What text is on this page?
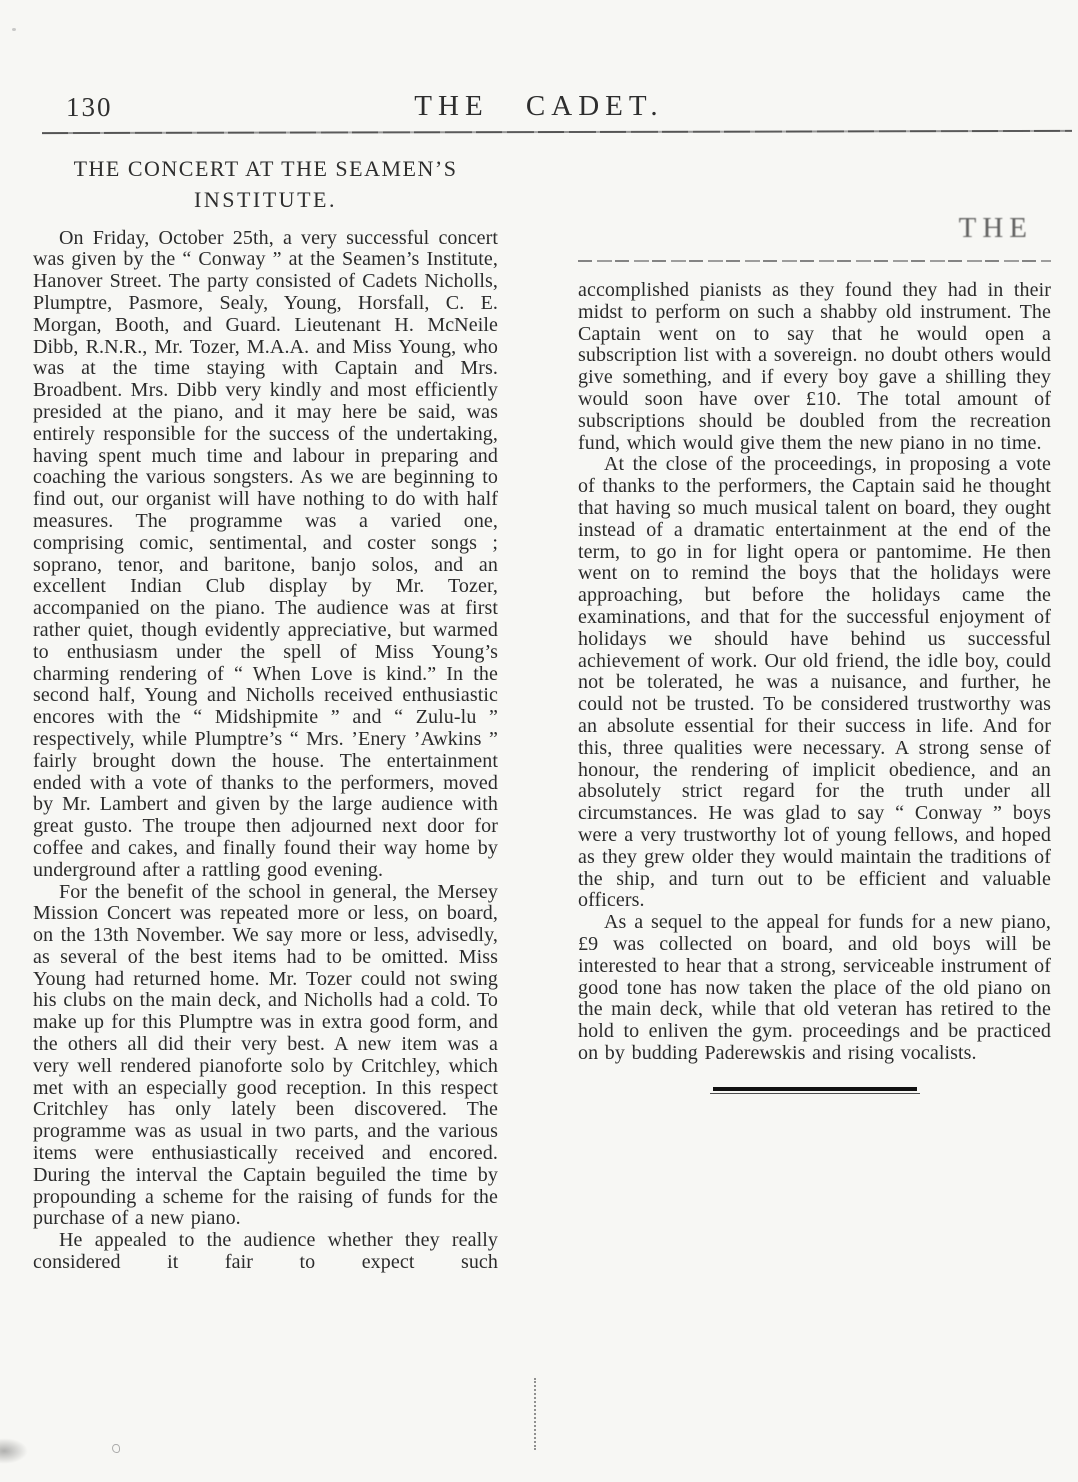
130	THE CADET.
THE CONCERT AT THE SEAMEN’S
INSTITUTE.

On Friday, October 25th, a very successful concert was given by the “ Conway ” at the Seamen’s Institute, Hanover Street. The party consisted of Cadets Nicholls, Plumptre, Pasmore, Sealy, Young, Horsfall, C. E. Morgan, Booth, and Guard. Lieutenant H. McNeile Dibb, R.N.R., Mr. Tozer, M.A.A. and Miss Young, who was at the time staying with Captain and Mrs. Broadbent. Mrs. Dibb very kindly and most efficiently presided at the piano, and it may here be said, was entirely responsible for the success of the undertaking, having spent much time and labour in preparing and coaching the various songsters. As we are beginning to find out, our organist will have nothing to do with half measures. The programme was a varied one, comprising comic, sentimental, and coster songs ; soprano, tenor, and baritone, banjo solos, and an excellent Indian Club display by Mr. Tozer, accompanied on the piano. The audience was at first rather quiet, though evidently appreciative, but warmed to enthusiasm under the spell of Miss Young’s charming rendering of “ When Love is kind.” In the second half, Young and Nicholls received enthusiastic encores with the “ Midshipmite ” and “ Zulu-lu ” respectively, while Plumptre’s “ Mrs. ’Enery ’Awkins ” fairly brought down the house. The entertainment ended with a vote of thanks to the performers, moved by Mr. Lambert and given by the large audience with great gusto. The troupe then adjourned next door for coffee and cakes, and finally found their way home by underground after a rattling good evening.

For the benefit of the school in general, the Mersey Mission Concert was repeated more or less, on board, on the 13th November. We say more or less, advisedly, as several of the best items had to be omitted. Miss Young had returned home. Mr. Tozer could not swing his clubs on the main deck, and Nicholls had a cold. To make up for this Plumptre was in extra good form, and the others all did their very best. A new item was a very well rendered pianoforte solo by Critchley, which met with an especially good reception. In this respect Critchley has only lately been discovered. The programme was as usual in two parts, and the various items were enthusiastically received and encored. During the interval the Captain beguiled the time by propounding a scheme for the raising of funds for the purchase of a new piano.

He appealed to the audience whether they really considered it fair to expect such

THE

accomplished pianists as they found they had in their midst to perform on such a shabby old instrument. The Captain went on to say that he would open a subscription list with a sovereign. no doubt others would give something, and if every boy gave a shilling they would soon have over £10. The total amount of subscriptions should be doubled from the recreation fund, which would give them the new piano in no time.

At the close of the proceedings, in proposing a vote of thanks to the performers, the Captain said he thought that having so much musical talent on board, they ought instead of a dramatic entertainment at the end of the term, to go in for light opera or pantomime. He then went on to remind the boys that the holidays were approaching, but before the holidays came the examinations, and that for the successful enjoyment of holidays we should have behind us successful achievement of work. Our old friend, the idle boy, could not be tolerated, he was a nuisance, and further, he could not be trusted. To be considered trustworthy was an absolute essential for their success in life. And for this, three qualities were necessary. A strong sense of honour, the rendering of implicit obedience, and an absolutely strict regard for the truth under all circumstances. He was glad to say “ Conway ” boys were a very trustworthy lot of young fellows, and hoped as they grew older they would maintain the traditions of the ship, and turn out to be efficient and valuable officers.

As a sequel to the appeal for funds for a new piano, £9 was collected on board, and old boys will be interested to hear that a strong, serviceable instrument of good tone has now taken the place of the old piano on the main deck, while that old veteran has retired to the hold to enliven the gym. proceedings and be practiced on by budding Paderewskis and rising vocalists.
